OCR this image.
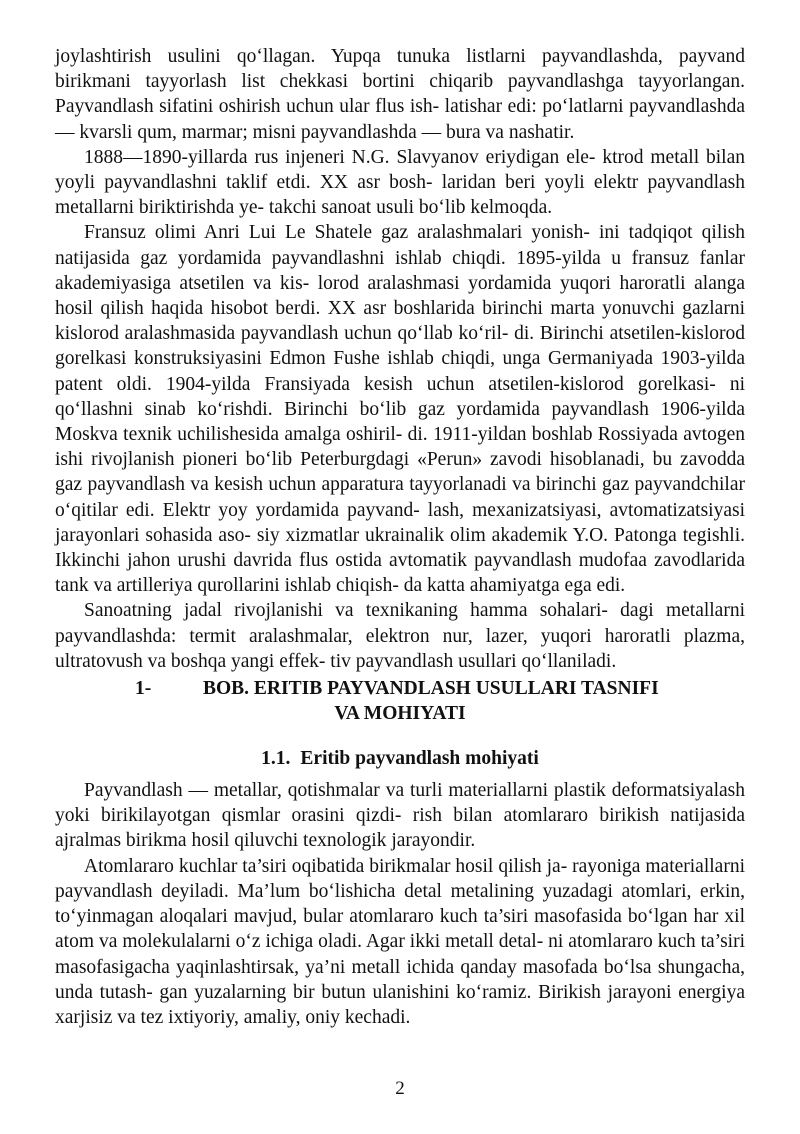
joylashtirish usulini qo‘llagan. Yupqa tunuka listlarni payvandlashda, payvand birikmani tayyorlash list chekkasi bortini chiqarib payvandlashga tayyorlangan. Payvandlash sifatini oshirish uchun ular flus ish- latishar edi: po‘latlarni payvandlashda — kvarsli qum, marmar; misni payvandlashda — bura va nashatir.

1888—1890-yillarda rus injeneri N.G. Slavyanov eriydigan ele- ktrod metall bilan yoyli payvandlashni taklif etdi. XX asr bosh- laridan beri yoyli elektr payvandlash metallarni biriktirishda ye- takchi sanoat usuli bo‘lib kelmoqda.

Fransuz olimi Anri Lui Le Shatele gaz aralashmalari yonish- ini tadqiqot qilish natijasida gaz yordamida payvandlashni ishlab chiqdi. 1895-yilda u fransuz fanlar akademiyasiga atsetilen va kis- lorod aralashmasi yordamida yuqori haroratli alanga hosil qilish haqida hisobot berdi. XX asr boshlarida birinchi marta yonuvchi gazlarni kislorod aralashmasida payvandlash uchun qo‘llab ko‘ril- di. Birinchi atsetilen-kislorod gorelkasi konstruksiyasini Edmon Fushe ishlab chiqdi, unga Germaniyada 1903-yilda patent oldi. 1904-yilda Fransiyada kesish uchun atsetilen-kislorod gorelkasi- ni qo‘llashni sinab ko‘rishdi. Birinchi bo‘lib gaz yordamida payvandlash 1906-yilda Moskva texnik uchilishesida amalga oshiril- di. 1911-yildan boshlab Rossiyada avtogen ishi rivojlanish pioneri bo‘lib Peterburgdagi «Perun» zavodi hisoblanadi, bu zavodda gaz payvandlash va kesish uchun apparatura tayyorlanadi va birinchi gaz payvandchilar o‘qitilar edi. Elektr yoy yordamida payvand- lash, mexanizatsiyasi, avtomatizatsiyasi jarayonlari sohasida aso- siy xizmatlar ukrainalik olim akademik Y.O. Patonga tegishli. Ikkinchi jahon urushi davrida flus ostida avtomatik payvandlash mudofaa zavodlarida tank va artilleriya qurollarini ishlab chiqish- da katta ahamiyatga ega edi.

Sanoatning jadal rivojlanishi va texnikaning hamma sohalari- dagi metallarni payvandlashda: termit aralashmalar, elektron nur, lazer, yuqori haroratli plazma, ultratovush va boshqa yangi effek- tiv payvandlash usullari qo‘llaniladi.

1-	BOB. ERITIB PAYVANDLASH USULLARI TASNIFI
VA MOHIYATI
1.1. Eritib payvandlash mohiyati

Payvandlash — metallar, qotishmalar va turli materiallarni plastik deformatsiyalash yoki birikilayotgan qismlar orasini qizdi- rish bilan atomlararo birikish natijasida ajralmas birikma hosil qiluvchi texnologik jarayondir.

Atomlararo kuchlar ta’siri oqibatida birikmalar hosil qilish ja- rayoniga materiallarni payvandlash deyiladi. Ma’lum bo‘lishicha detal metalining yuzadagi atomlari, erkin, to‘yinmagan aloqalari mavjud, bular atomlararo kuch ta’siri masofasida bo‘lgan har xil atom va molekulalarni o‘z ichiga oladi. Agar ikki metall detal- ni atomlararo kuch ta’siri masofasigacha yaqinlashtirsak, ya’ni metall ichida qanday masofada bo‘lsa shungacha, unda tutash- gan yuzalarning bir butun ulanishini ko‘ramiz. Birikish jarayoni energiya xarjisiz va tez ixtiyoriy, amaliy, oniy kechadi.

2
